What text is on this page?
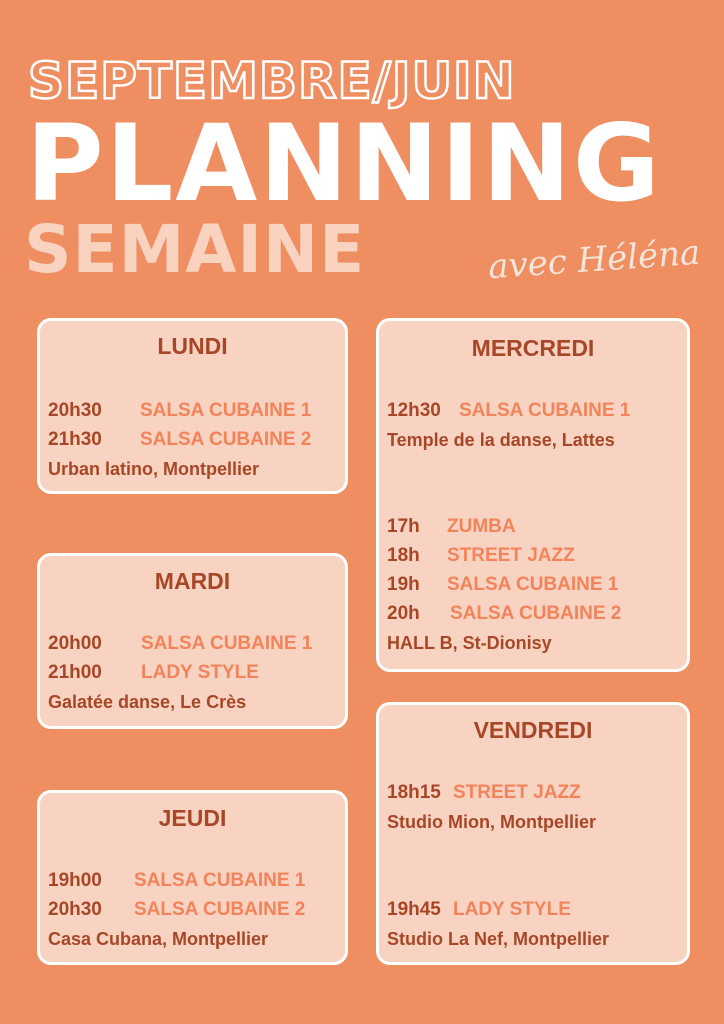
SEPTEMBRE/JUIN
PLANNING
SEMAINE	avec Héléna
LUNDI
20h30 SALSA CUBAINE 1
21h30 SALSA CUBAINE 2
Urban latino, Montpellier
MARDI
20h00 SALSA CUBAINE 1
21h00 LADY STYLE
Galatée danse, Le Crès
JEUDI
19h00 SALSA CUBAINE 1
20h30 SALSA CUBAINE 2
Casa Cubana, Montpellier
MERCREDI
12h30 SALSA CUBAINE 1
Temple de la danse, Lattes
17h ZUMBA
18h STREET JAZZ
19h SALSA CUBAINE 1
20h SALSA CUBAINE 2
HALL B, St-Dionisy
VENDREDI
18h15 STREET JAZZ
Studio Mion, Montpellier
19h45 LADY STYLE
Studio La Nef, Montpellier
